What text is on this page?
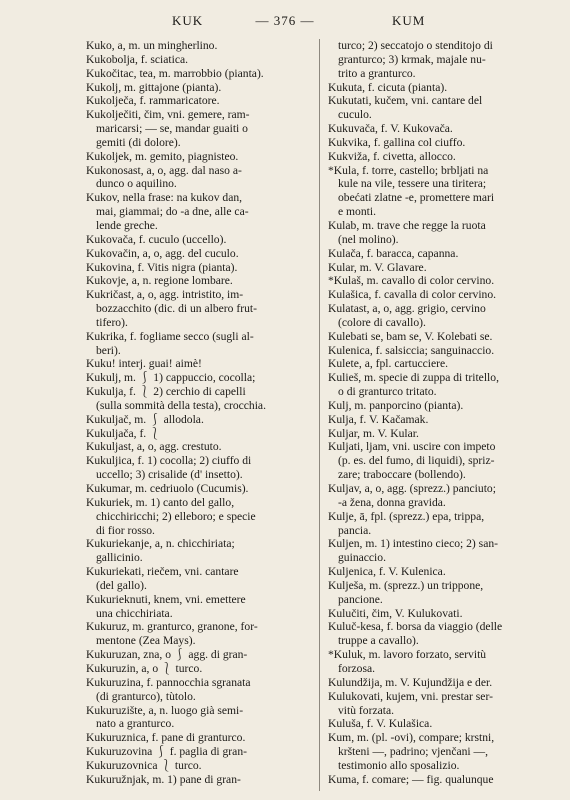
KUK	— 376 —	KUM
Kuko, a, m. un mingherlino.
Kukobolja, f. sciatica.
Kukočitac, tea, m. marrobbio (pianta).
Kukolj, m. gittajone (pianta).
Kukolјeča, f. rammaricatore.
Kukolječiti, čim, vni. gemere, ram-
maricarsi; — se, mandar guaiti o
gemiti (di dolore).
Kukoljek, m. gemito, piagnisteo.
Kukonosast, a, o, agg. dal naso a-
dunco o aquilino.
Kukov, nella frase: na kukov dan,
mai, giammai; do -a dne, alle ca-
lende greche.
Kukovača, f. cuculo (uccello).
Kukovačin, a, o, agg. del cuculo.
Kukovina, f. Vitis nigra (pianta).
Kukovje, a, n. regione lombare.
Kukričast, a, o, agg. intristito, im-
bozzacchito (dic. di un albero frut-
tifero).
Kukrika, f. fogliame secco (sugli al-
beri).
Kuku! interj. guai! aimè!
Kukulj, m. ⎰ 1) cappuccio, cocolla;
Kukulja, f. ⎱ 2) cerchio di capelli
(sulla sommità della testa), crocchia.
Kukuljač, m. ⎰ allodola.
Kukuljača, f. ⎱
Kukuljast, a, o, agg. crestuto.
Kukuljica, f. 1) cocolla; 2) ciuffo di
uccello; 3) crisalide (d' insetto).
Kukumar, m. cedriuolo (Cucumis).
Kukuriek, m. 1) canto del gallo,
chicchiricchi; 2) elleboro; e specie
di fior rosso.
Kukuriekanje, a, n. chicchiriata;
gallicinio.
Kukuriekati, riečem, vni. cantare
(del gallo).
Kukurieknuti, knem, vni. emettere
una chicchiriata.
Kukuruz, m. granturco, granone, for-
mentone (Zea Mays).
Kukuruzan, zna, o ⎰ agg. di gran-
Kukuruzin, a, o ⎱ turco.
Kukuruzina, f. pannocchia sgranata
(di granturco), tùtolo.
Kukuruzište, a, n. luogo già semi-
nato a granturco.
Kukuruznica, f. pane di granturco.
Kukuruzovina ⎰ f. paglia di gran-
Kukuruzovnica ⎱ turco.
Kukuružnjak, m. 1) pane di gran-
turco; 2) seccatojo o stenditojo di
granturco; 3) krmak, majale nu-
trito a granturco.
Kukuta, f. cicuta (pianta).
Kukutati, kučem, vni. cantare del
cuculo.
Kukuvača, f. V. Kukovača.
Kukvika, f. gallina col ciuffo.
Kukviža, f. civetta, allocco.
*Kula, f. torre, castello; brbljati na
kule na vile, tessere una tiritera;
obećati zlatne -e, promettere mari
e monti.
Kulab, m. trave che regge la ruota
(nel molino).
Kulača, f. baracca, capanna.
Kular, m. V. Glavare.
*Kulaš, m. cavallo di color cervino.
Kulašica, f. cavalla di color cervino.
Kulatast, a, o, agg. grigio, cervino
(colore di cavallo).
Kulebati se, bam se, V. Kolebati se.
Kulenica, f. salsiccia; sanguinaccio.
Kulete, a, fpl. cartucciere.
Kulieš, m. specie di zuppa di tritello,
o di granturco tritato.
Kulj, m. panporcino (pianta).
Kulja, f. V. Kačamak.
Kuljar, m. V. Kular.
Kuljati, ljam, vni. uscire con impeto
(p. es. del fumo, di liquidi), spriz-
zare; traboccare (bollendo).
Kuljav, a, o, agg. (sprezz.) panciuto;
-a žena, donna gravida.
Kulje, ā, fpl. (sprezz.) epa, trippa,
pancia.
Kuljen, m. 1) intestino cieco; 2) san-
guinaccio.
Kuljenica, f. V. Kulenica.
Kulješa, m. (sprezz.) un trippone,
pancione.
Kulučiti, čim, V. Kulukovati.
Kuluč-kesa, f. borsa da viaggio (delle
truppe a cavallo).
*Kuluk, m. lavoro forzato, servitù
forzosa.
Kulundžija, m. V. Kujundžija e der.
Kulukovati, kujem, vni. prestar ser-
vitù forzata.
Kuluša, f. V. Kulašica.
Kum, m. (pl. -ovi), compare; krstni,
kršteni —, padrino; vjenčani —,
testimonio allo sposalizio.
Kuma, f. comare; — fig. qualunque
